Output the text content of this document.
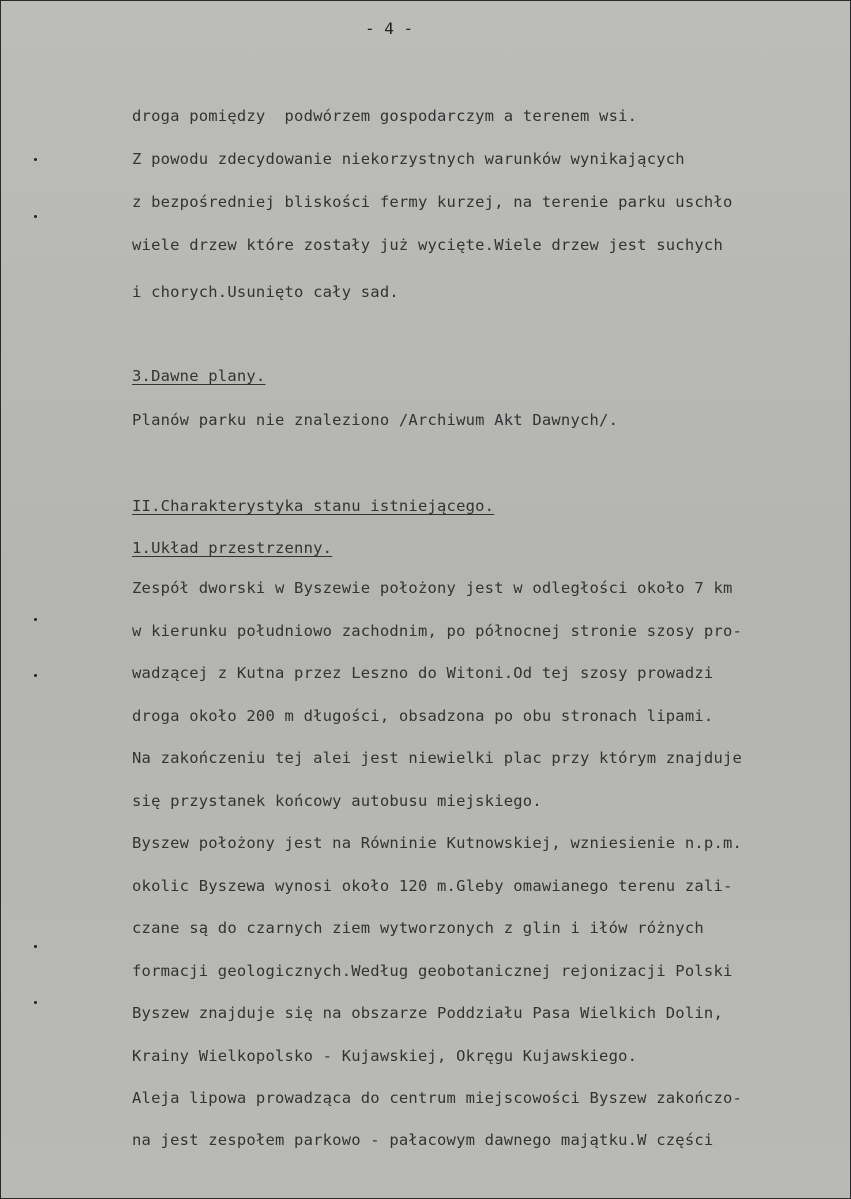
- 4 -
droga pomiędzy  podwórzem gospodarczym a terenem wsi.
Z powodu zdecydowanie niekorzystnych warunków wynikających
z bezpośredniej bliskości fermy kurzej, na terenie parku uschło
wiele drzew które zostały już wycięte.Wiele drzew jest suchych
i chorych.Usunięto cały sad.
3.Dawne plany.
Planów parku nie znaleziono /Archiwum Akt Dawnych/.
II.Charakterystyka stanu istniejącego.
1.Układ przestrzenny.
Zespół dworski w Byszewie położony jest w odległości około 7 km
w kierunku południowo zachodnim, po północnej stronie szosy pro-
wadzącej z Kutna przez Leszno do Witoni.Od tej szosy prowadzi
droga około 200 m długości, obsadzona po obu stronach lipami.
Na zakończeniu tej alei jest niewielki plac przy którym znajduje
się przystanek końcowy autobusu miejskiego.
Byszew położony jest na Równinie Kutnowskiej, wzniesienie n.p.m.
okolic Byszewa wynosi około 120 m.Gleby omawianego terenu zali-
czane są do czarnych ziem wytworzonych z glin i iłów różnych
formacji geologicznych.Według geobotanicznej rejonizacji Polski
Byszew znajduje się na obszarze Poddziału Pasa Wielkich Dolin,
Krainy Wielkopolsko - Kujawskiej, Okręgu Kujawskiego.
Aleja lipowa prowadząca do centrum miejscowości Byszew zakończo-
na jest zespołem parkowo - pałacowym dawnego majątku.W części
